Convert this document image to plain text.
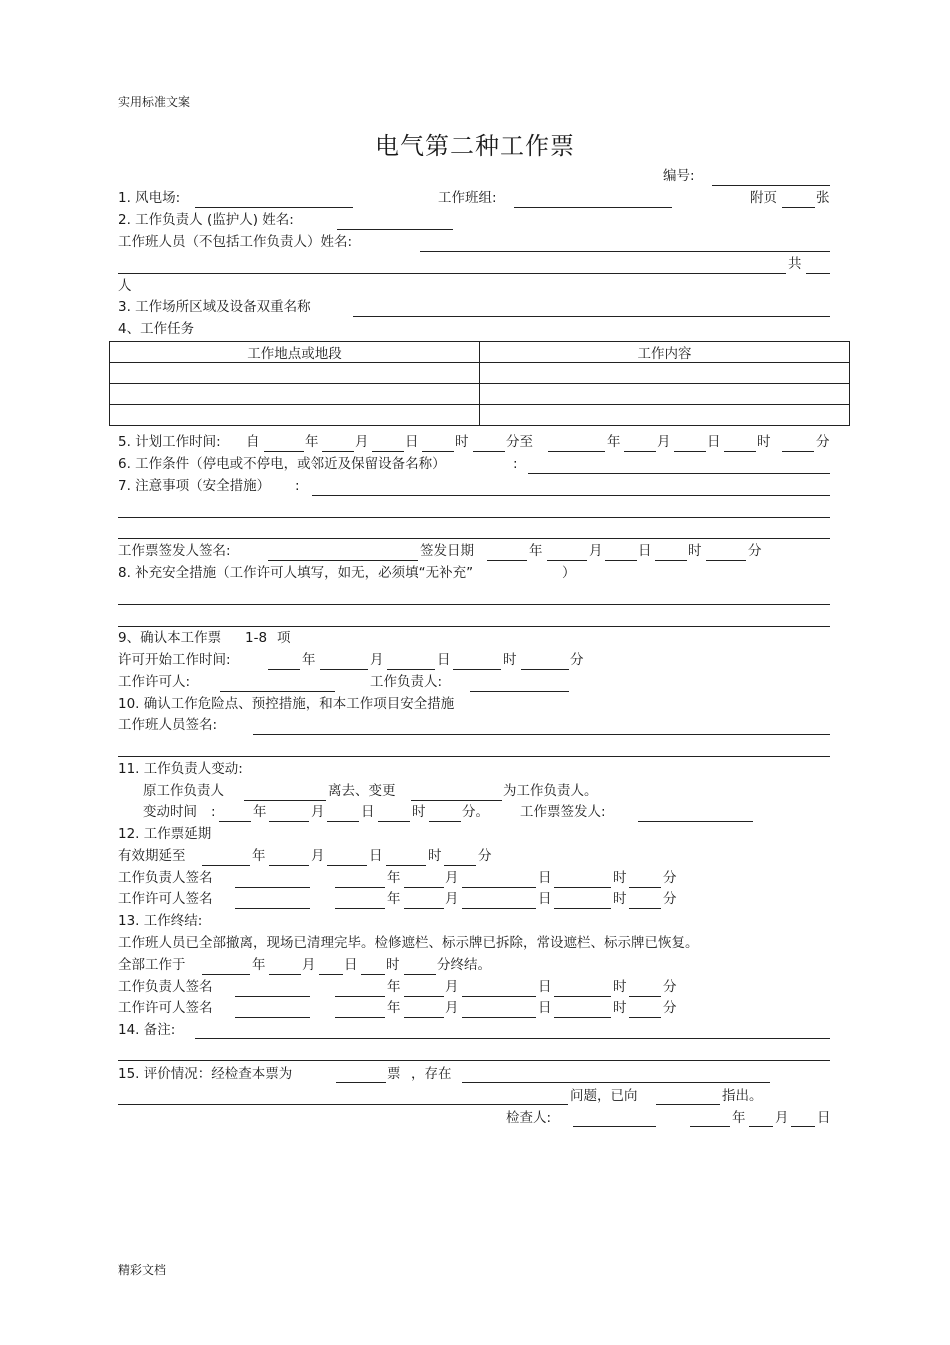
实用标准文案
精彩文档
电气第二种工作票
编号:
1. 风电场:	工作班组:	附页	张
2. 工作负责人 (监护人) 姓名:
工作班人员（不包括工作负责人）姓名:
共
人
3. 工作场所区域及设备双重名称
4、工作任务
工作地点或地段	工作内容

5. 计划工作时间: 自	年	月	日	时	分至	年	月	日	时	分
6. 工作条件（停电或不停电，或邻近及保留设备名称）	:
7. 注意事项（安全措施） :
工作票签发人签名:	签发日期	年	月	日	时	分
8. 补充安全措施（工作许可人填写，如无，必须填“无补充”	）
9、确认本工作票 1-8 项
许可开始工作时间:	年	月	日	时	分
工作许可人:	工作负责人:
10. 确认工作危险点、预控措施，和本工作项目安全措施
工作班人员签名:
11. 工作负责人变动:
原工作负责人	离去、变更	为工作负责人。
变动时间 :	年	月	日	时	分。 工作票签发人:
12. 工作票延期
有效期延至	年	月	日	时	分
工作负责人签名	年	月	日	时	分
工作许可人签名	年	月	日	时	分
13. 工作终结:
工作班人员已全部撤离，现场已清理完毕。检修遮栏、标示牌已拆除，常设遮栏、标示牌已恢复。
全部工作于	年	月 日 时	分终结。
工作负责人签名	年	月	日	时	分
工作许可人签名	年	月	日	时	分
14. 备注:
15. 评价情况：经检查本票为	票 ，存在
问题，已向	指出。
检查人:	年 月 日
